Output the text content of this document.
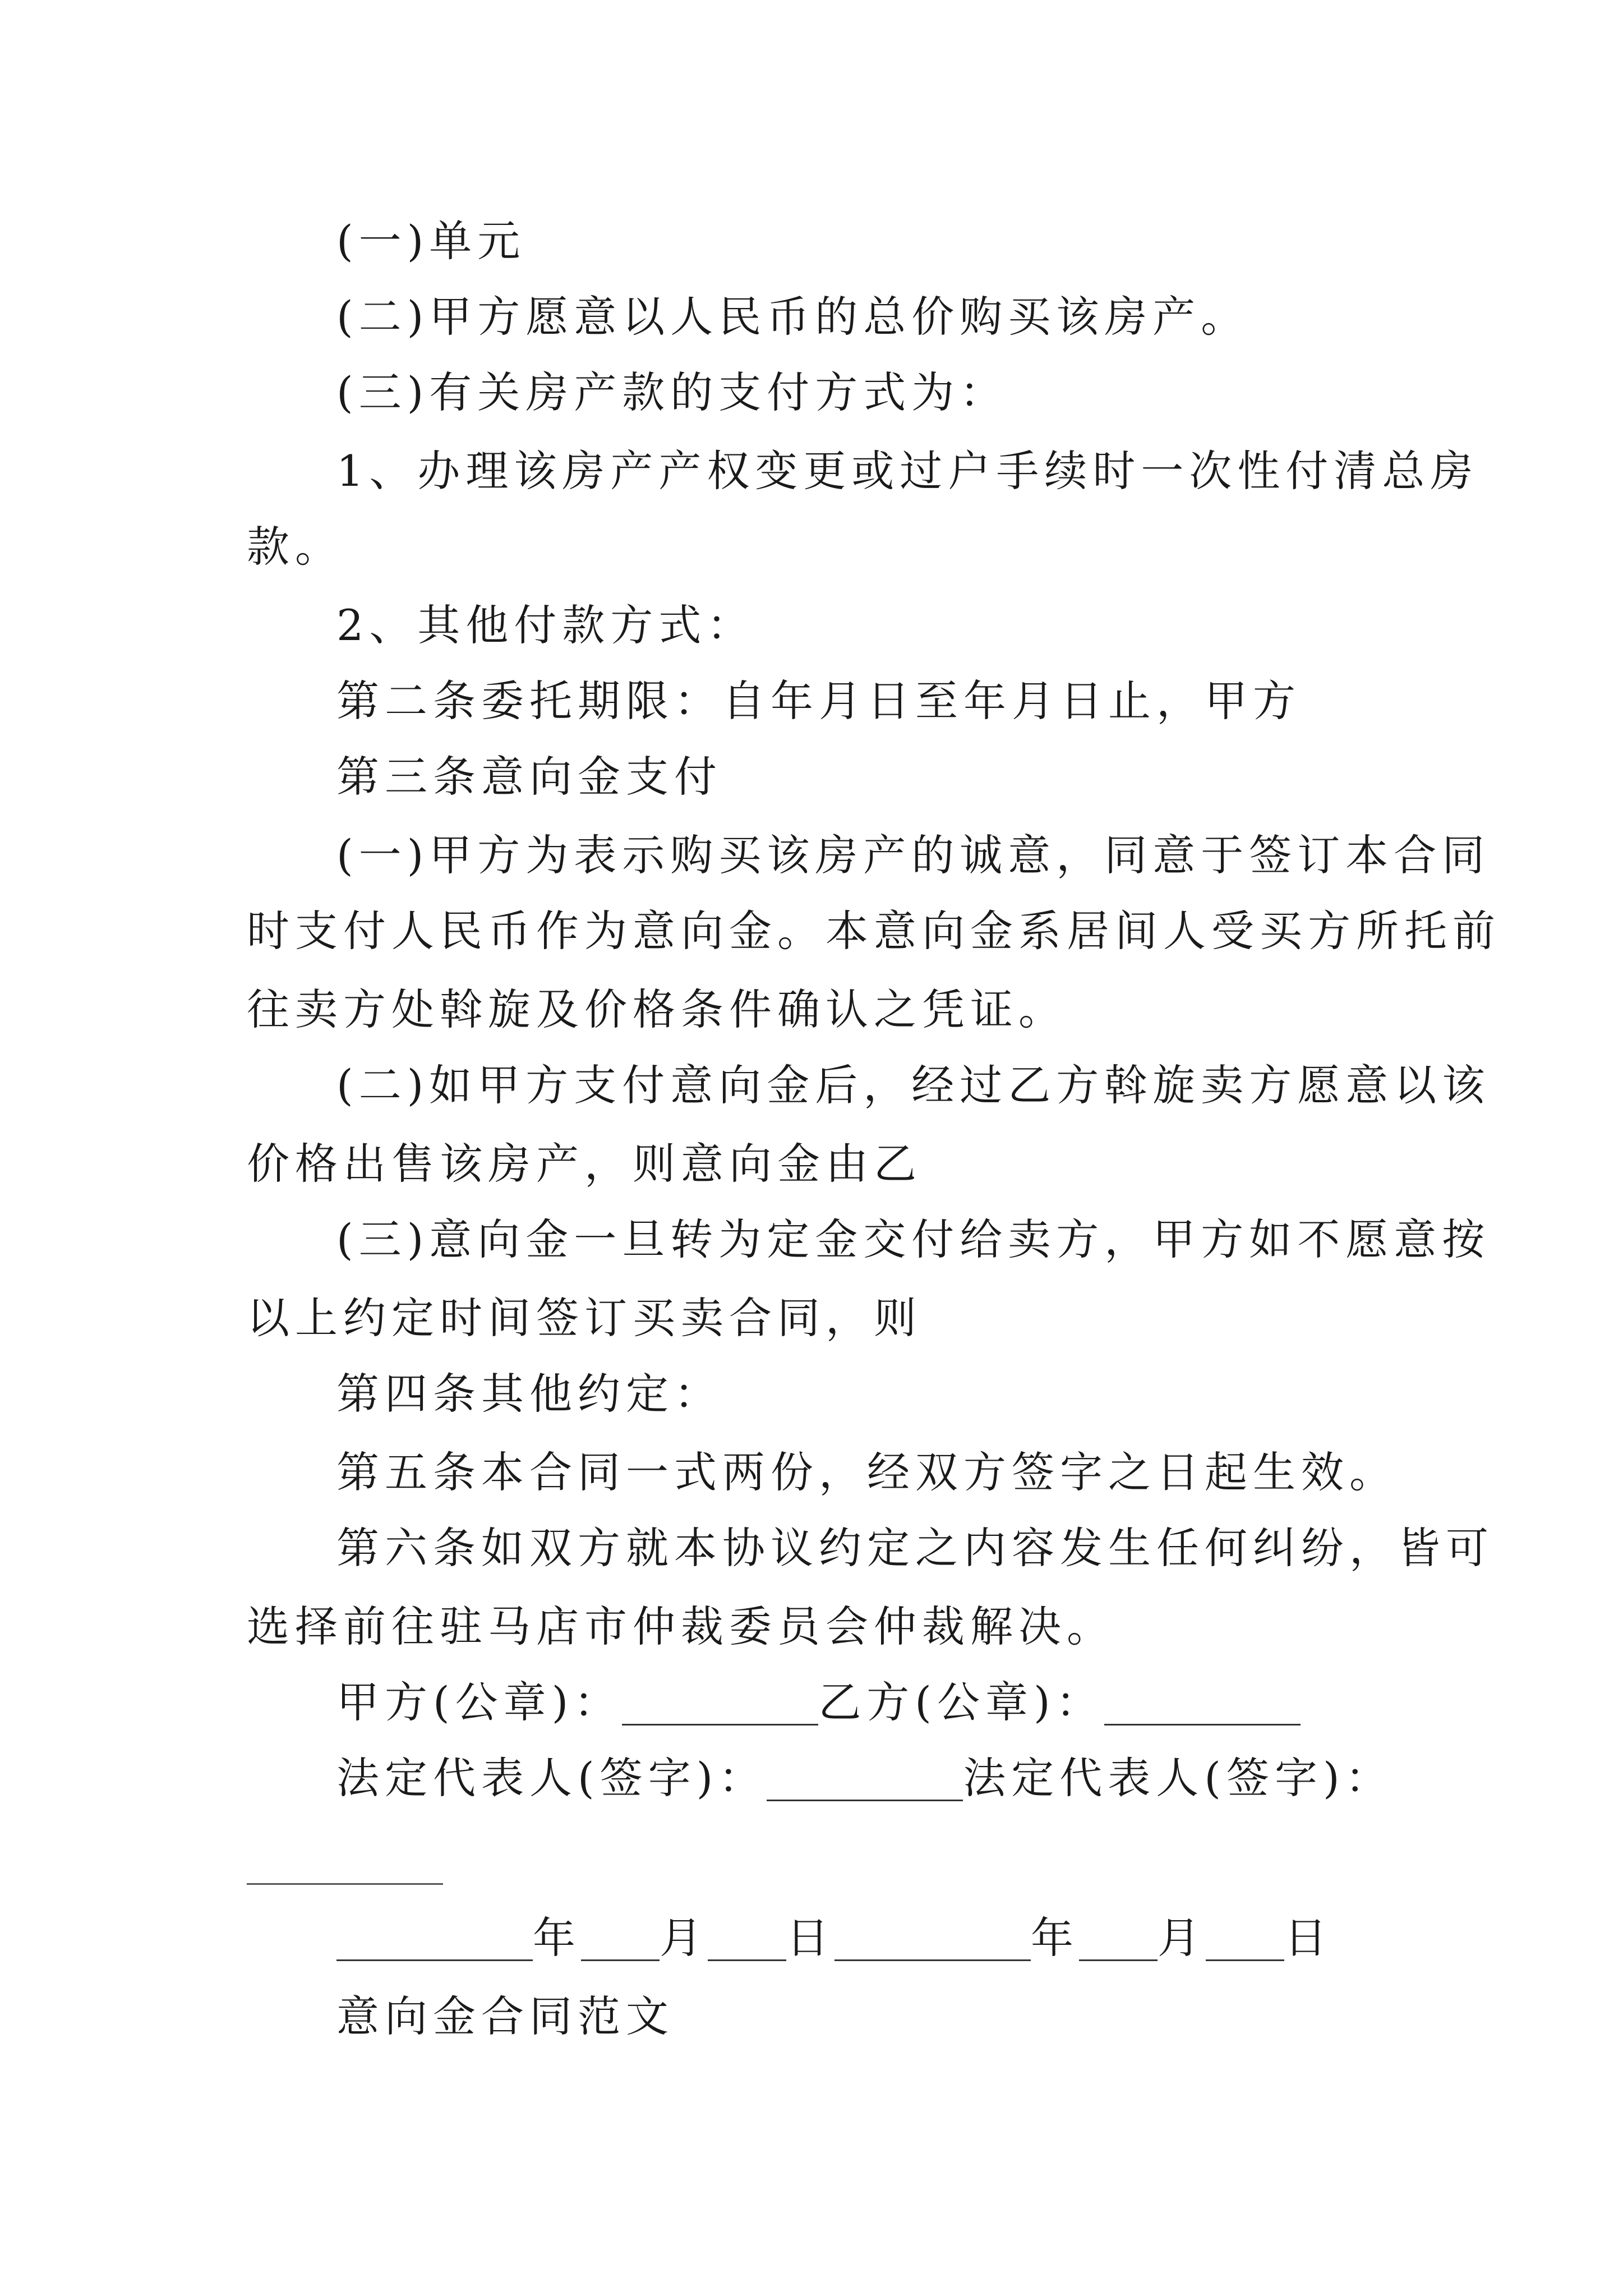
(一)单元

(二)甲方愿意以人民币的总价购买该房产。

(三)有关房产款的支付方式为：

1、办理该房产产权变更或过户手续时一次性付清总房

款。

2、其他付款方式：

第二条委托期限：自年月日至年月日止，甲方

第三条意向金支付

(一)甲方为表示购买该房产的诚意，同意于签订本合同

时支付人民币作为意向金。本意向金系居间人受买方所托前

往卖方处斡旋及价格条件确认之凭证。

(二)如甲方支付意向金后，经过乙方斡旋卖方愿意以该

价格出售该房产，则意向金由乙

(三)意向金一旦转为定金交付给卖方，甲方如不愿意按

以上约定时间签订买卖合同，则

第四条其他约定：

第五条本合同一式两份，经双方签字之日起生效。

第六条如双方就本协议约定之内容发生任何纠纷，皆可

选择前往驻马店市仲裁委员会仲裁解决。

甲方(公章)：	乙方(公章)：

法定代表人(签字)：	法定代表人(签字)：

年 月 日	年 月 日

意向金合同范文
